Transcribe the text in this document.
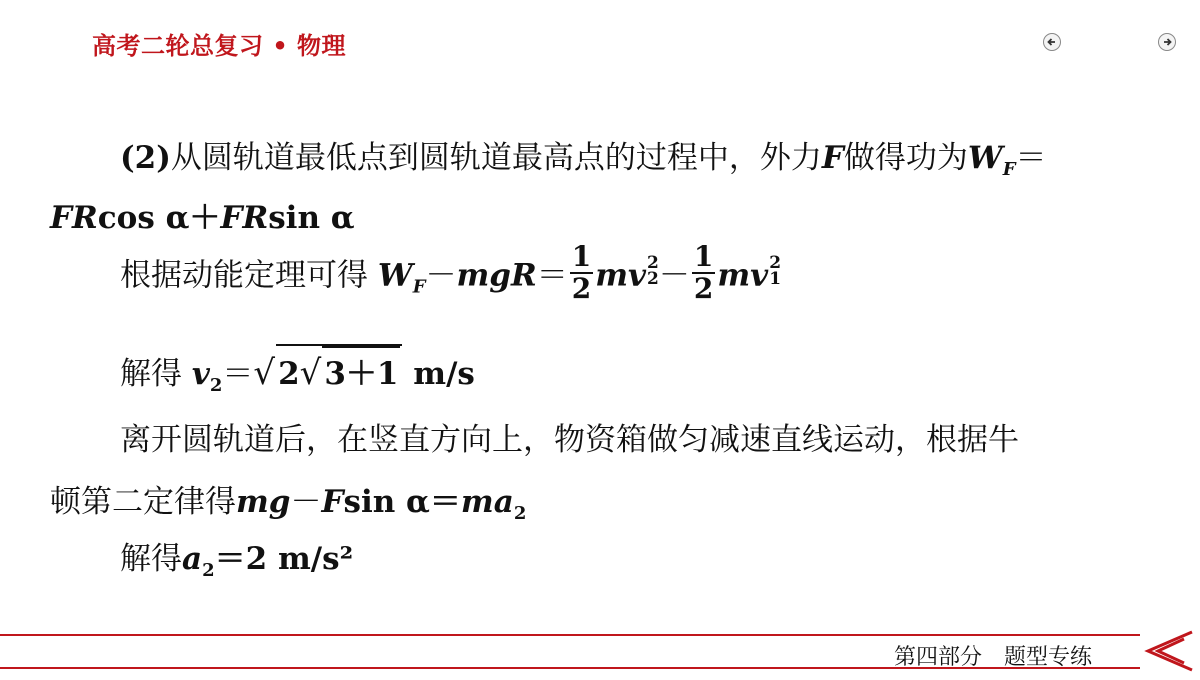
高考二轮总复习 • 物理
(2)从圆轨道最低点到圆轨道最高点的过程中，外力F做得功为$W_F=$
FRcos α＋FRsin α
根据动能定理可得 $W_F-mgR= \frac{1}{2}$ mv 2
$2 - \frac{1}{2}$ mv 2
1
解得 $v_2=√2√3+1$ m/s
离开圆轨道后，在竖直方向上，物资箱做匀减速直线运动，根据牛
顿第二定律得mg－Fsin $\alpha=ma_2$
解得$a_2=2$ m/s²
第四部分 题型专练
